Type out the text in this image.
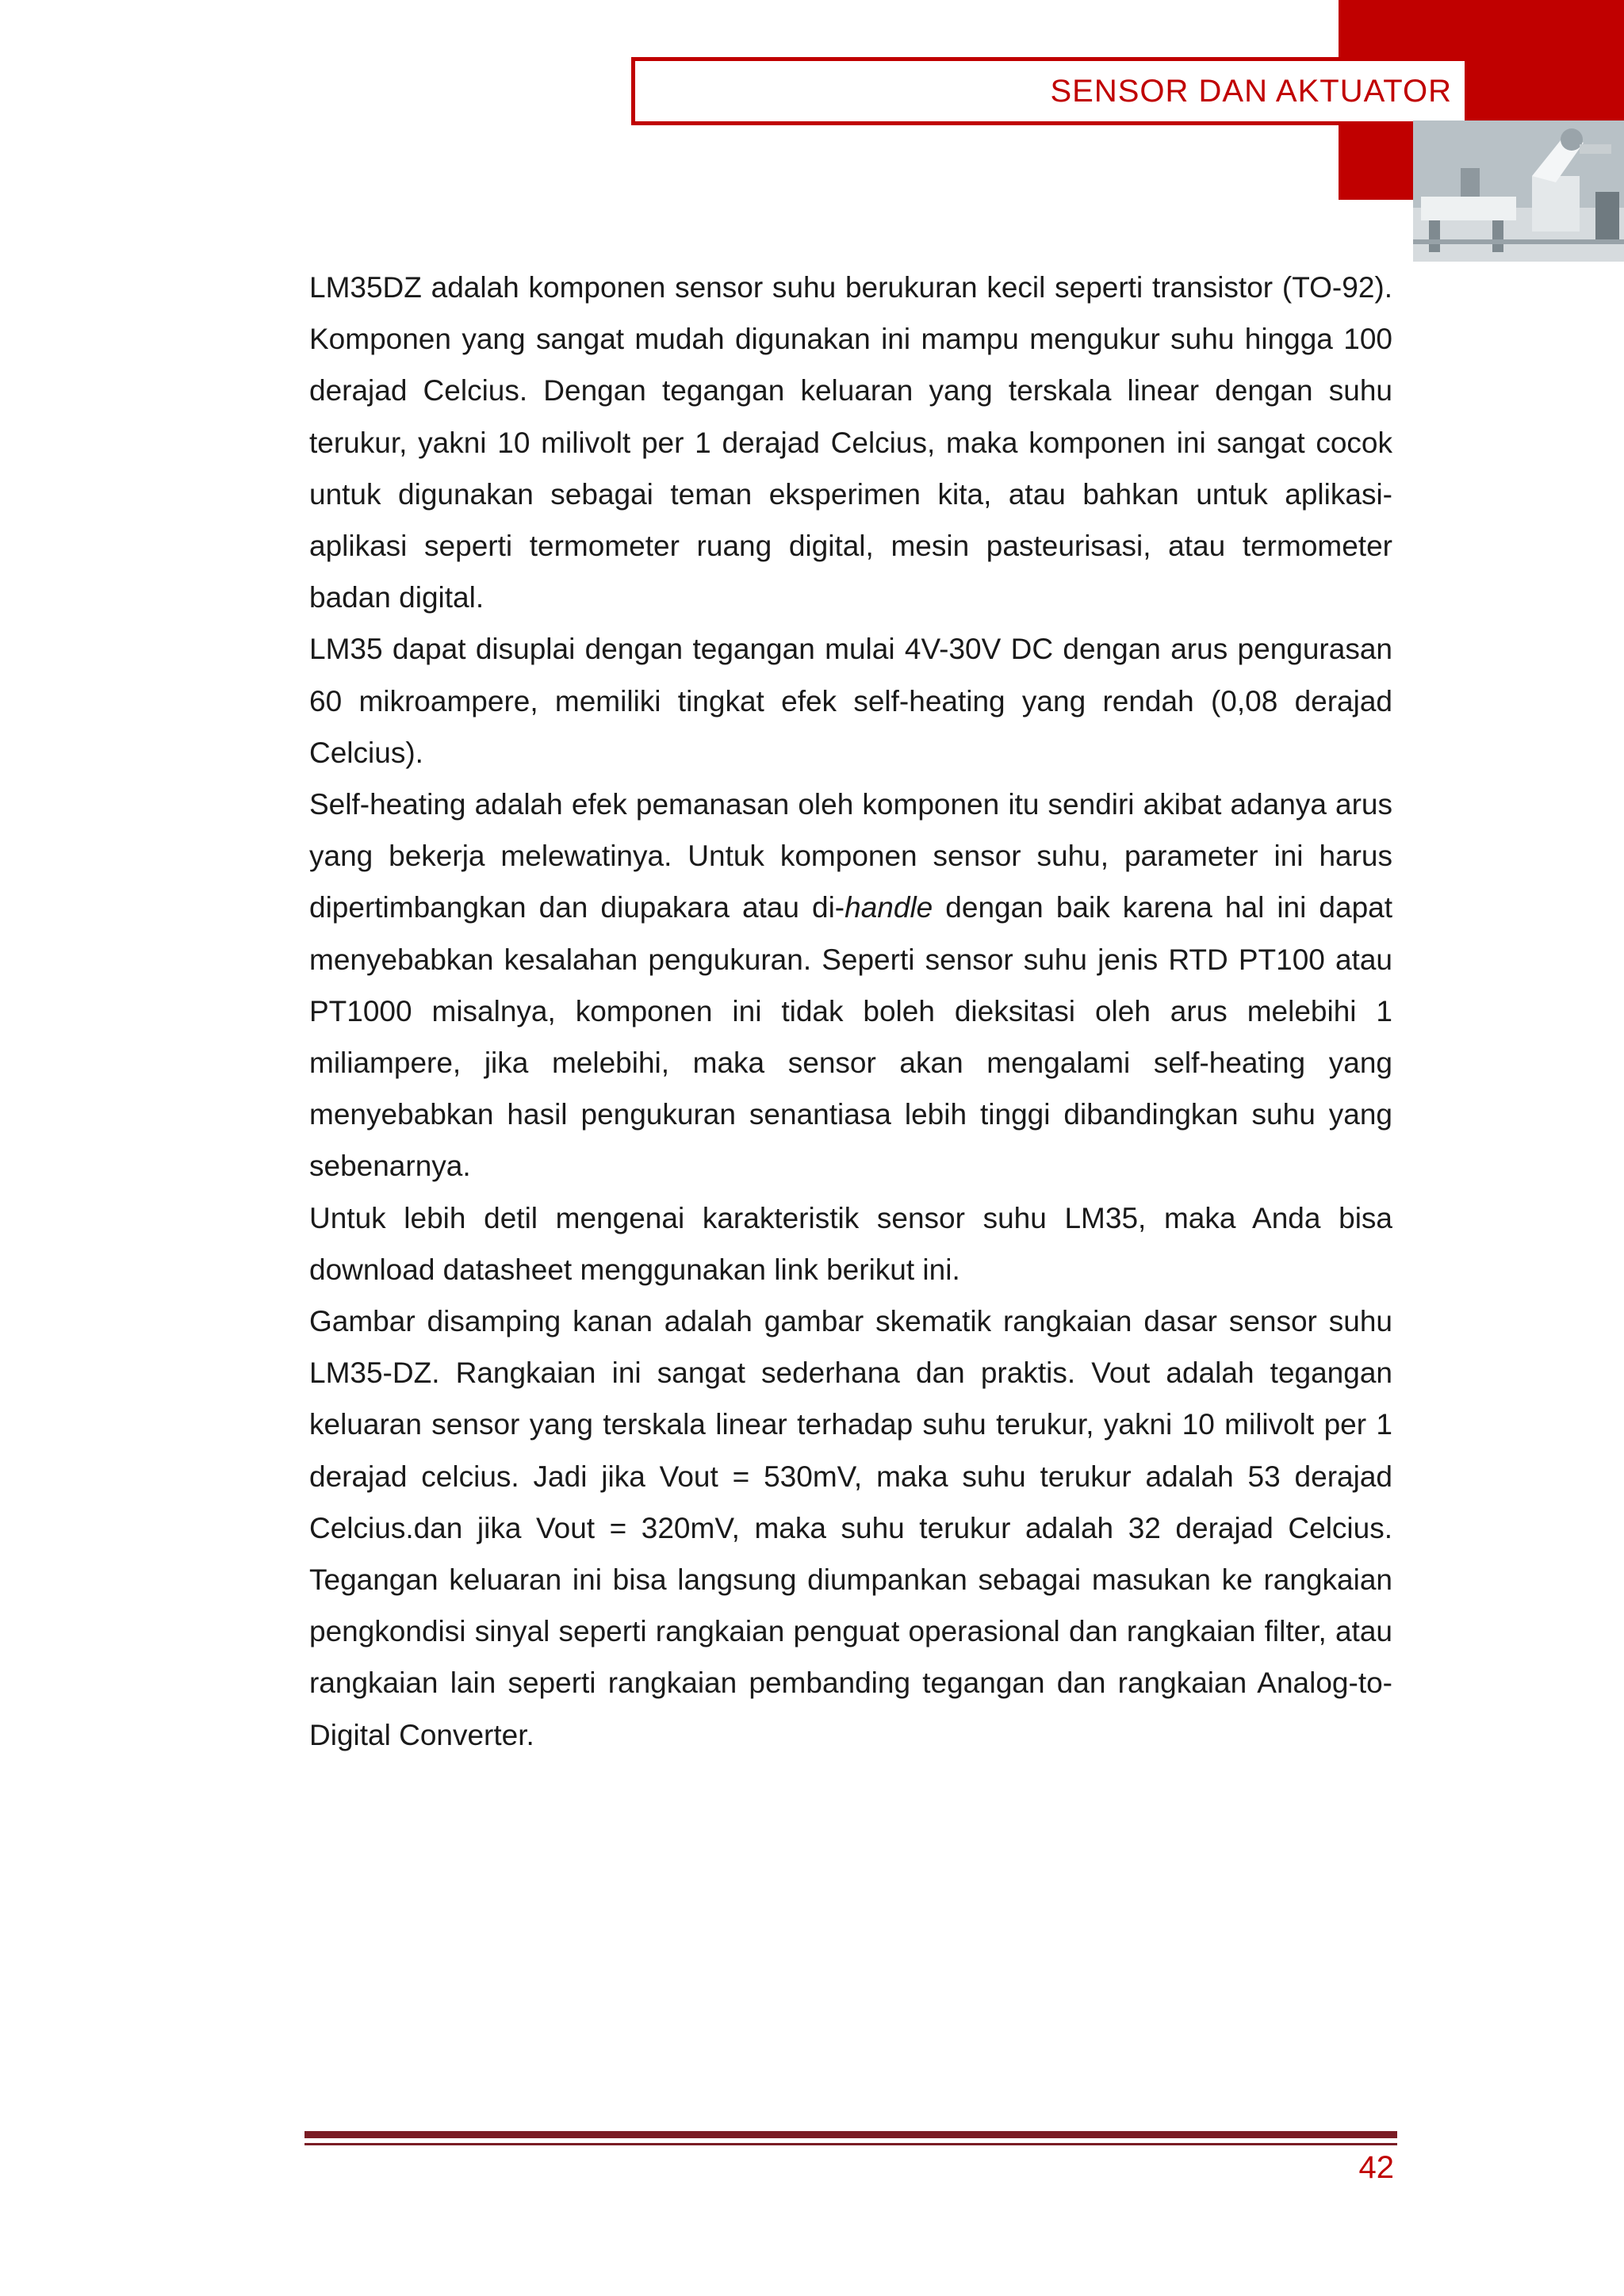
SENSOR DAN AKTUATOR

LM35DZ adalah komponen sensor suhu berukuran kecil seperti transistor (TO-92). Komponen yang sangat mudah digunakan ini mampu mengukur suhu hingga 100 derajad Celcius. Dengan tegangan keluaran yang terskala linear dengan suhu terukur, yakni 10 milivolt per 1 derajad Celcius, maka komponen ini sangat cocok untuk digunakan sebagai teman eksperimen kita, atau bahkan untuk aplikasi-aplikasi seperti termometer ruang digital, mesin pasteurisasi, atau termometer badan digital.

LM35 dapat disuplai dengan tegangan mulai 4V-30V DC dengan arus pengurasan 60 mikroampere, memiliki tingkat efek self-heating yang rendah (0,08 derajad Celcius).

Self-heating adalah efek pemanasan oleh komponen itu sendiri akibat adanya arus yang bekerja melewatinya. Untuk komponen sensor suhu, parameter ini harus dipertimbangkan dan diupakara atau di-handle dengan baik karena hal ini dapat menyebabkan kesalahan pengukuran. Seperti sensor suhu jenis RTD PT100 atau PT1000 misalnya, komponen ini tidak boleh dieksitasi oleh arus melebihi 1 miliampere, jika melebihi, maka sensor akan mengalami self-heating yang menyebabkan hasil pengukuran senantiasa lebih tinggi dibandingkan suhu yang sebenarnya.

Untuk lebih detil mengenai karakteristik sensor suhu LM35, maka Anda bisa download datasheet menggunakan link berikut ini.

Gambar disamping kanan adalah gambar skematik rangkaian dasar sensor suhu LM35-DZ. Rangkaian ini sangat sederhana dan praktis. Vout adalah tegangan keluaran sensor yang terskala linear terhadap suhu terukur, yakni 10 milivolt per 1 derajad celcius. Jadi jika Vout = 530mV, maka suhu terukur adalah 53 derajad Celcius.dan jika Vout = 320mV, maka suhu terukur adalah 32 derajad Celcius. Tegangan keluaran ini bisa langsung diumpankan sebagai masukan ke rangkaian pengkondisi sinyal seperti rangkaian penguat operasional dan rangkaian filter, atau rangkaian lain seperti rangkaian pembanding tegangan dan rangkaian Analog-to-Digital Converter.

42
